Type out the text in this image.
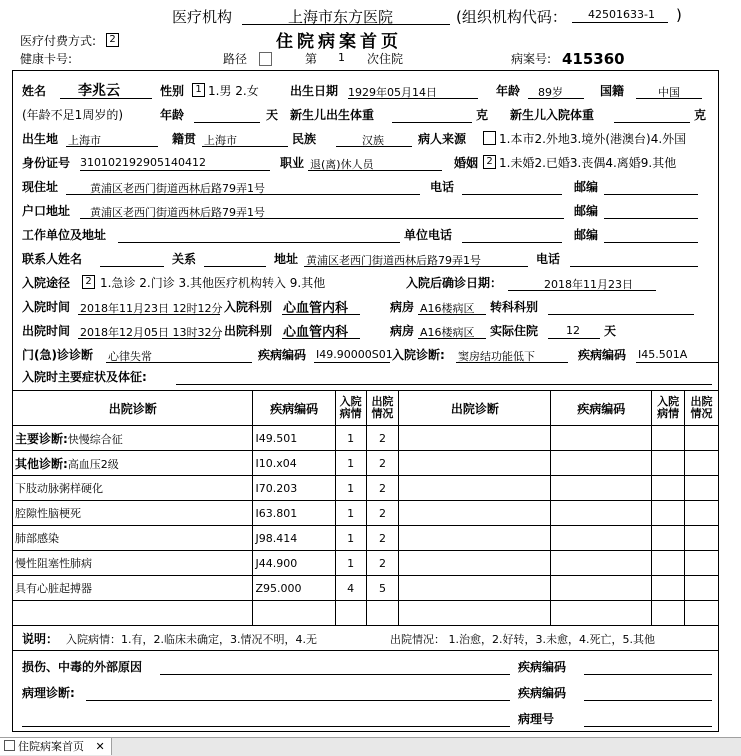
医疗机构	上海市东方医院	(组织机构代码： 42501633-1 )
医疗付费方式:	2	住院病案首页
健康卡号:	路径	第 1 次住院	病案号: 415360
姓名 李兆云	性别	1 1.男 2.女	出生日期 1929年05月14日	年龄 89岁	国籍	中国
(年龄不足1周岁的)	年龄	天 新生儿出生体重	克 新生儿入院体重	克
出生地 上海市	籍贯 上海市	民族	汉族	病人来源	1.本市2.外地3.境外(港澳台)4.外国
身份证号 310102192905140412	职业 退(离)休人员	婚姻 2 1.未婚2.已婚3.丧偶4.离婚9.其他
现住址	黄浦区老西门街道西林后路79弄1号	电话	邮编
户口地址 黄浦区老西门街道西林后路79弄1号	邮编
工作单位及地址	单位电话	邮编
联系人姓名	关系	地址 黄浦区老西门街道西林后路79弄1号	电话
入院途径	2 1.急诊 2.门诊 3.其他医疗机构转入 9.其他	入院后确诊日期：	2018年11月23日
入院时间 2018年11月23日 12时12分 入院科别 心血管内科	病房 A16楼病区 转科科别
出院时间 2018年12月05日 13时32分 出院科别 心血管内科	病房 A16楼病区 实际住院	12 天
门(急)诊诊断 心律失常	疾病编码 I49.90000S01 入院诊断: 窦房结功能低下	疾病编码 I45.501A
入院时主要症状及体征:
出院诊断	疾病编码	入院病情	出院情况	出院诊断	疾病编码	入院病情	出院情况
主要诊断:快慢综合征	I49.501	1	2				
其他诊断:高血压2级	I10.x04	1	2				
下肢动脉粥样硬化	I70.203	1	2				
腔隙性脑梗死	I63.801	1	2				
肺部感染	J98.414	1	2				
慢性阻塞性肺病	J44.900	1	2				
具有心脏起搏器	Z95.000	4	5				

说明： 入院病情：1.有，2.临床未确定，3.情况不明，4.无	出院情况： 1.治愈，2.好转，3.未愈，4.死亡，5.其他
损伤、中毒的外部原因	疾病编码
病理诊断:	疾病编码
病理号
住院病案首页 ✕
